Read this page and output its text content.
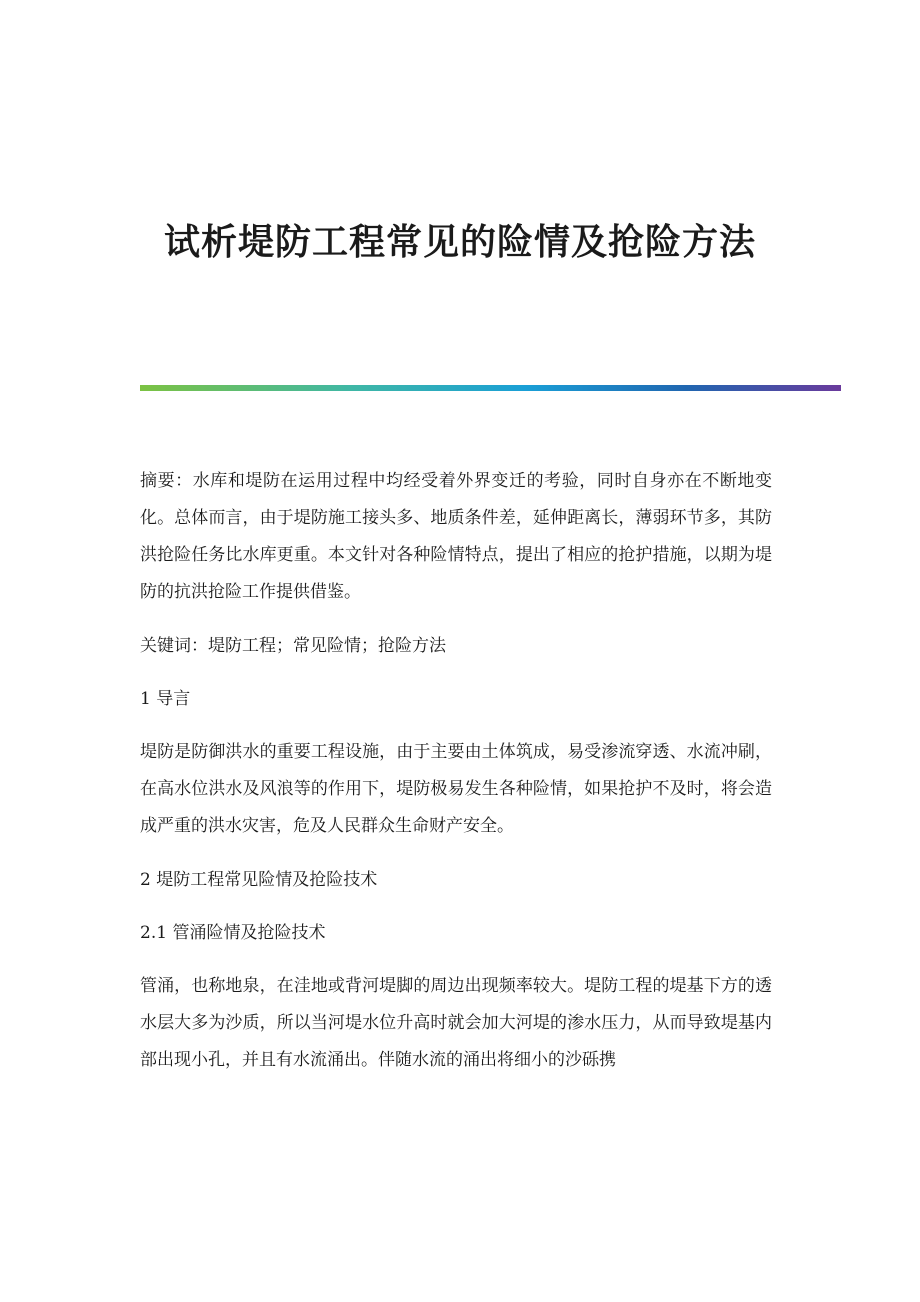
试析堤防工程常见的险情及抢险方法

摘要：水库和堤防在运用过程中均经受着外界变迁的考验，同时自身亦在不断地变化。总体而言，由于堤防施工接头多、地质条件差，延伸距离长，薄弱环节多，其防洪抢险任务比水库更重。本文针对各种险情特点，提出了相应的抢护措施，以期为堤防的抗洪抢险工作提供借鉴。

关键词：堤防工程；常见险情；抢险方法

1 导言

堤防是防御洪水的重要工程设施，由于主要由土体筑成，易受渗流穿透、水流冲刷，在高水位洪水及风浪等的作用下，堤防极易发生各种险情，如果抢护不及时，将会造成严重的洪水灾害，危及人民群众生命财产安全。

2 堤防工程常见险情及抢险技术

2.1 管涌险情及抢险技术

管涌，也称地泉，在洼地或背河堤脚的周边出现频率较大。堤防工程的堤基下方的透水层大多为沙质，所以当河堤水位升高时就会加大河堤的渗水压力，从而导致堤基内部出现小孔，并且有水流涌出。伴随水流的涌出将细小的沙砾携
